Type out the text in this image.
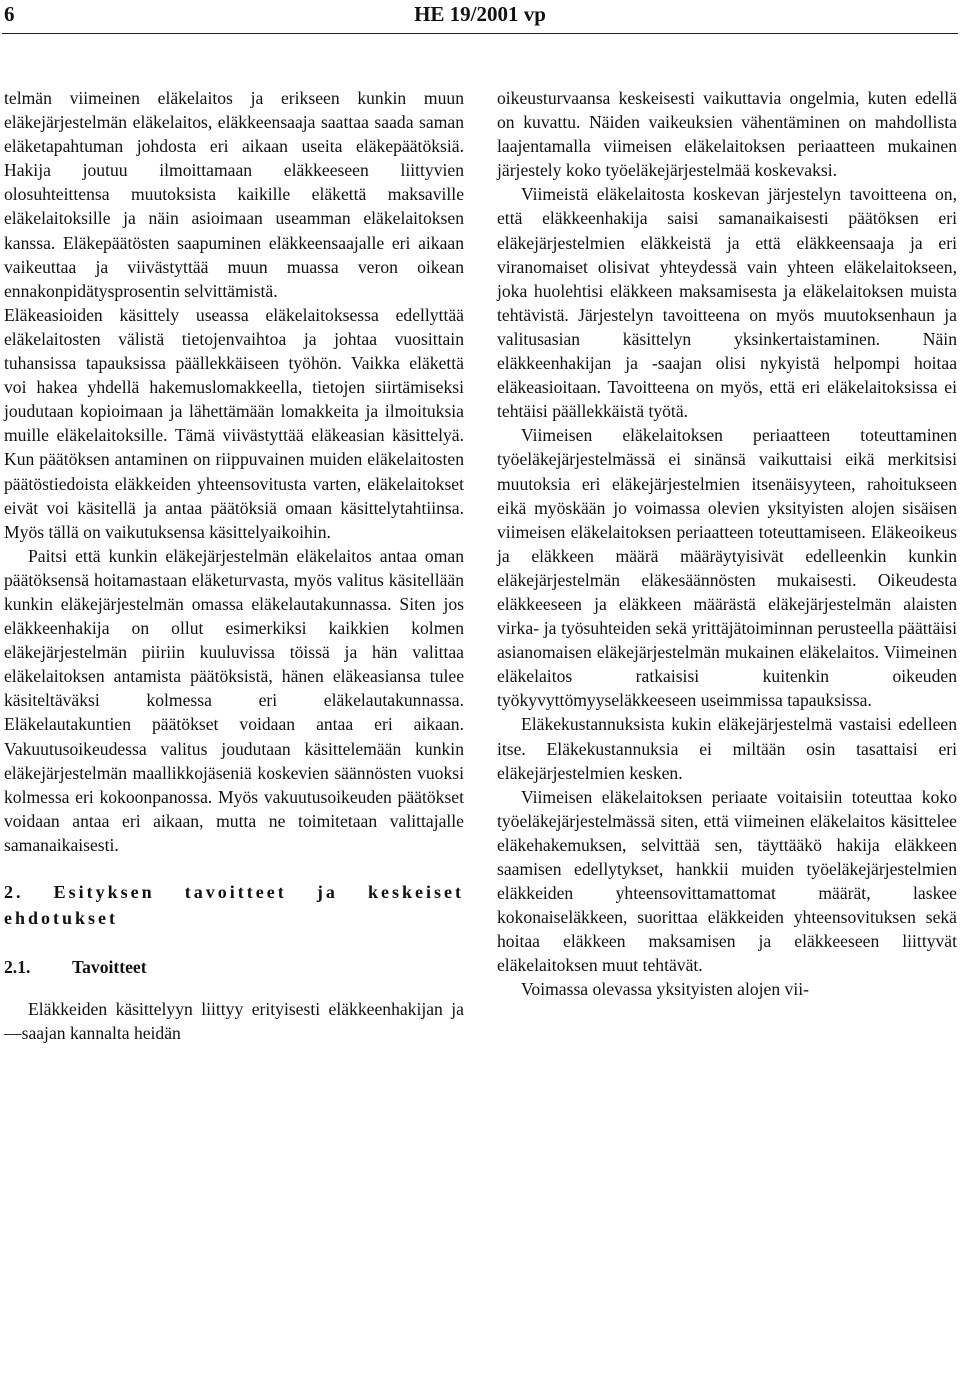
6	HE 19/2001 vp

telmän viimeinen eläkelaitos ja erikseen kunkin muun eläkejärjestelmän eläkelaitos, eläkkeensaaja saattaa saada saman eläketapahtuman johdosta eri aikaan useita eläkepäätöksiä. Hakija joutuu ilmoittamaan eläkkeeseen liittyvien olosuhteittensa muutoksista kaikille eläkettä maksaville eläkelaitoksille ja näin asioimaan useamman eläkelaitoksen kanssa. Eläkepäätösten saapuminen eläkkeensaajalle eri aikaan vaikeuttaa ja viivästyttää muun muassa veron oikean ennakonpidätysprosentin selvittämistä.

Eläkeasioiden käsittely useassa eläkelaitoksessa edellyttää eläkelaitosten välistä tietojenvaihtoa ja johtaa vuosittain tuhansissa tapauksissa päällekkäiseen työhön. Vaikka eläkettä voi hakea yhdellä hakemuslomakkeella, tietojen siirtämiseksi joudutaan kopioimaan ja lähettämään lomakkeita ja ilmoituksia muille eläkelaitoksille. Tämä viivästyttää eläkeasian käsittelyä. Kun päätöksen antaminen on riippuvainen muiden eläkelaitosten päätöstiedoista eläkkeiden yhteensovitusta varten, eläkelaitokset eivät voi käsitellä ja antaa päätöksiä omaan käsittelytahtiinsa. Myös tällä on vaikutuksensa käsittelyaikoihin.

Paitsi että kunkin eläkejärjestelmän eläkelaitos antaa oman päätöksensä hoitamastaan eläketurvasta, myös valitus käsitellään kunkin eläkejärjestelmän omassa eläkelautakunnassa. Siten jos eläkkeenhakija on ollut esimerkiksi kaikkien kolmen eläkejärjestelmän piiriin kuuluvissa töissä ja hän valittaa eläkelaitoksen antamista päätöksistä, hänen eläkeasiansa tulee käsiteltäväksi kolmessa eri eläkelautakunnassa. Eläkelautakuntien päätökset voidaan antaa eri aikaan. Vakuutusoikeudessa valitus joudutaan käsittelemään kunkin eläkejärjestelmän maallikkojäseniä koskevien säännösten vuoksi kolmessa eri kokoonpanossa. Myös vakuutusoikeuden päätökset voidaan antaa eri aikaan, mutta ne toimitetaan valittajalle samanaikaisesti.

2. Esityksen tavoitteet ja keskeiset ehdotukset
2.1. Tavoitteet

Eläkkeiden käsittelyyn liittyy erityisesti eläkkeenhakijan ja —saajan kannalta heidän

oikeusturvaansa keskeisesti vaikuttavia ongelmia, kuten edellä on kuvattu. Näiden vaikeuksien vähentäminen on mahdollista laajentamalla viimeisen eläkelaitoksen periaatteen mukainen järjestely koko työeläkejärjestelmää koskevaksi.

Viimeistä eläkelaitosta koskevan järjestelyn tavoitteena on, että eläkkeenhakija saisi samanaikaisesti päätöksen eri eläkejärjestelmien eläkkeistä ja että eläkkeensaaja ja eri viranomaiset olisivat yhteydessä vain yhteen eläkelaitokseen, joka huolehtisi eläkkeen maksamisesta ja eläkelaitoksen muista tehtävistä. Järjestelyn tavoitteena on myös muutoksenhaun ja valitusasian käsittelyn yksinkertaistaminen. Näin eläkkeenhakijan ja -saajan olisi nykyistä helpompi hoitaa eläkeasioitaan. Tavoitteena on myös, että eri eläkelaitoksissa ei tehtäisi päällekkäistä työtä.

Viimeisen eläkelaitoksen periaatteen toteuttaminen työeläkejärjestelmässä ei sinänsä vaikuttaisi eikä merkitsisi muutoksia eri eläkejärjestelmien itsenäisyyteen, rahoitukseen eikä myöskään jo voimassa olevien yksityisten alojen sisäisen viimeisen eläkelaitoksen periaatteen toteuttamiseen. Eläkeoikeus ja eläkkeen määrä määräytyisivät edelleenkin kunkin eläkejärjestelmän eläkesäännösten mukaisesti. Oikeudesta eläkkeeseen ja eläkkeen määrästä eläkejärjestelmän alaisten virka- ja työsuhteiden sekä yrittäjätoiminnan perusteella päättäisi asianomaisen eläkejärjestelmän mukainen eläkelaitos. Viimeinen eläkelaitos ratkaisisi kuitenkin oikeuden työkyvyttömyyseläkkeeseen useimmissa tapauksissa.

Eläkekustannuksista kukin eläkejärjestelmä vastaisi edelleen itse. Eläkekustannuksia ei miltään osin tasattaisi eri eläkejärjestelmien kesken.

Viimeisen eläkelaitoksen periaate voitaisiin toteuttaa koko työeläkejärjestelmässä siten, että viimeinen eläkelaitos käsittelee eläkehakemuksen, selvittää sen, täyttääkö hakija eläkkeen saamisen edellytykset, hankkii muiden työeläkejärjestelmien eläkkeiden yhteensovittamattomat määrät, laskee kokonaiseläkkeen, suorittaa eläkkeiden yhteensovituksen sekä hoitaa eläkkeen maksamisen ja eläkkeeseen liittyvät eläkelaitoksen muut tehtävät.

Voimassa olevassa yksityisten alojen vii-
